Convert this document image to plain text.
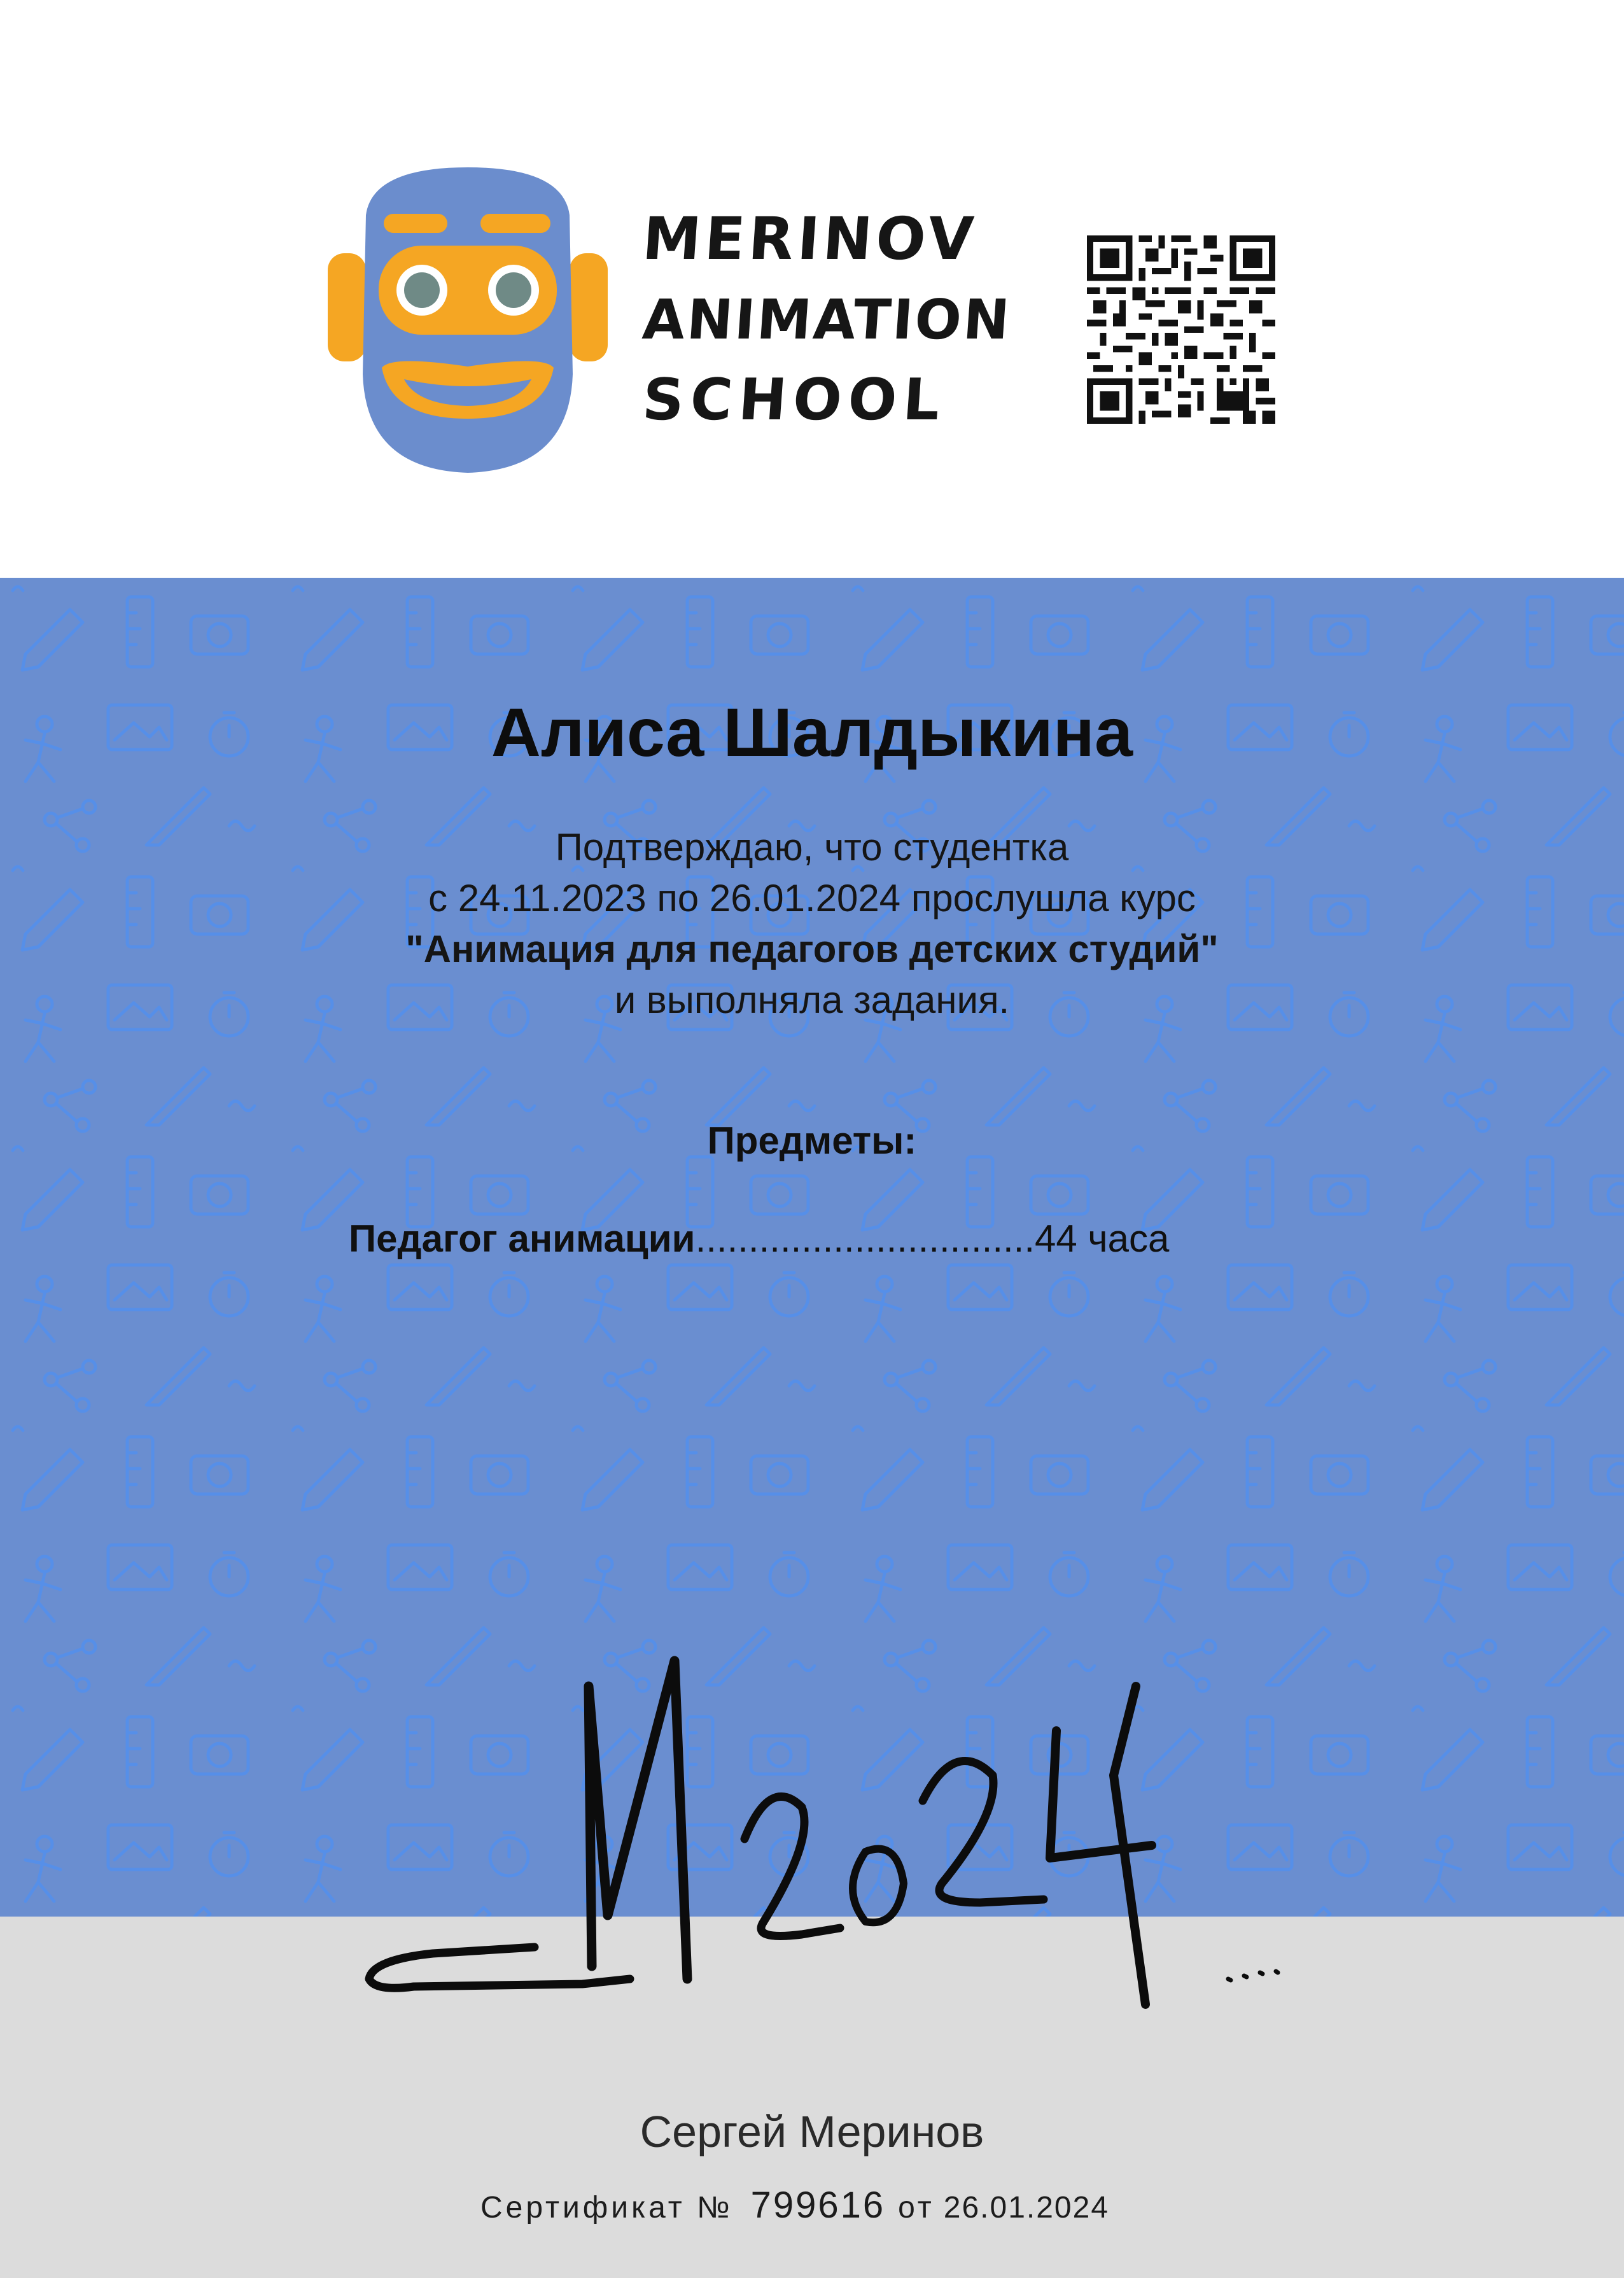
MERINOV
ANIMATION
SCHOOL
Алиса Шалдыкина
Подтверждаю, что студентка
с 24.11.2023 по 26.01.2024 прослушла курс
"Анимация для педагогов детских студий"
и выполняла задания.
Предметы:
Педагог анимации................................44 часа
Сергей Меринов
Сертификат № 799616 от 26.01.2024
